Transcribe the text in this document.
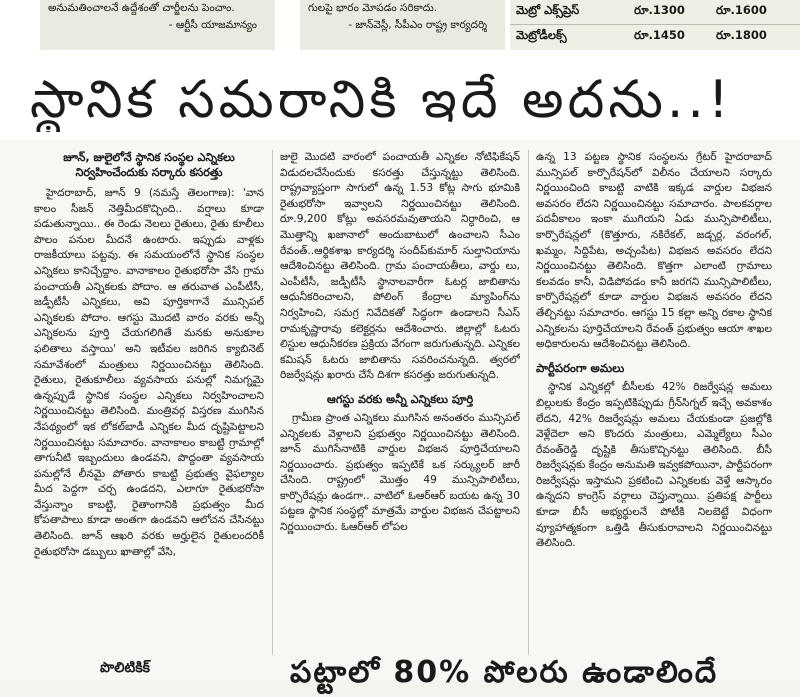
అనుమతించాలనే ఉద్దేశంతో చార్జీలను పెంచాం.

- ఆర్టీసీ యాజమాన్యం

గులపై భారం మోపడం సరికాదు.

- జాన్‌వెస్లీ, సీపీఎం రాష్ట్ర కార్యదర్శి

మెట్రో ఎక్స్‌ప్రెస్	రూ.1300	రూ.1600
మెట్రోడీలక్స్	రూ.1450	రూ.1800
స్థానిక సమరానికి ఇదే అదను..!

జూన్, జులైలోనే స్థానిక సంస్థల ఎన్నికలు నిర్వహించేందుకు సర్కారు కసరత్తు

హైదరాబాద్, జూన్ 9 (నమస్తే తెలంగాణ): 'వాన కాలం సీజన్ నెత్తిమీదకొచ్చింది.. వర్షాలు కూడా పడుతున్నాయి.. ఈ రెండు నెలలు రైతులు, రైతు కూలీలు పొలం పనుల మీదనే ఉంటారు. ఇప్పుడు వాళ్లకు రాజకీయాలు పట్టవు. ఈ సమయంలోనే స్థానిక సంస్థల ఎన్నికలు కానిచ్చేద్దాం. వానాకాలం రైతుభరోసా వేసి గ్రామ పంచాయతీ ఎన్నికలకు పోదాం. ఆ తరువాత ఎంపీటీసీ, జడ్పీటీసీ ఎన్నికలు, అవి పూర్తికాగానే మున్సిపల్ ఎన్నికలకు పోదాం. ఆగస్టు మొదటి వారం వరకు అన్నీ ఎన్నికలను పూర్తి చేయగలిగితే మనకు అనుకూల ఫలితాలు వస్తాయి' అని ఇటీవల జరిగిన క్యాబినెట్ సమావేశంలో మంత్రులు నిర్ణయించినట్టు తెలిసింది. రైతులు, రైతుకూలీలు వ్యవసాయ పనుల్లో నిమగ్నమై ఉన్నప్పుడే స్థానిక సంస్థల ఎన్నికలు నిర్వహించాలని నిర్ణయించినట్టు తెలిసింది. మంత్రివర్గ విస్తరణ ముగిసిన నేపథ్యంలో ఇక లోకల్‌బాడీ ఎన్నికల మీద దృష్టిపెట్టాలని నిర్ణయించినట్టు సమాచారం. వానాకాలం కాబట్టి గ్రామాల్లో తాగునీటి ఇబ్బందులు ఉండవని, పొద్దంతా వ్యవసాయ పనుల్లోనే లీనమై పోతారు కాబట్టి ప్రభుత్వ వైఫల్యాల మీద పెద్దగా చర్చ ఉండదని, ఎలాగూ రైతుభరోసా వేస్తున్నాం కాబట్టి, రైతాంగానికి ప్రభుత్వం మీద కోపతాపాలు కూడా అంతగా ఉండవని ఆలోచన చేసినట్టు తెలిసింది. జూన్ ఆఖరి వరకు అర్హులైన రైతులందరికీ రైతుభరోసా డబ్బులు ఖాతాల్లో వేసి,

జులై మొదటి వారంలో పంచాయతీ ఎన్నికల నోటిఫికేషన్ విడుదలచేసేందుకు కసరత్తు చేస్తున్నట్టు తెలిసింది. రాష్ట్రవ్యాప్తంగా సాగులో ఉన్న 1.53 కోట్ల సాగు భూమికి రైతుభరోసా ఇవ్వాలని నిర్ణయించినట్టు తెలిసింది. రూ.9,200 కోట్లు అవసరమవుతాయని నిర్ధారించి, ఆ మొత్తాన్ని ఖజానాలో అందుబాటులో ఉంచాలని సీఎం రేవంత్..ఆర్థికశాఖ కార్యదర్శి సందీప్‌కుమార్ సుల్తానియాను ఆదేశించినట్టు తెలిసింది. గ్రామ పంచాయతీలు, వార్డు లు, ఎంపీటీసీ, జడ్పీటీసీ స్థానాలవారీగా ఓటర్ల జాబితాను ఆధునీకరించాలని, పోలింగ్ కేంద్రాల మ్యాపింగ్‌ను నిర్వహించి, సమగ్ర నివేదికతో సిద్ధంగా ఉండాలని సీఎస్ రామకృష్ణారావు కలెక్టర్లను ఆదేశించారు. జిల్లాల్లో ఓటరు లిస్టుల ఆధునీకరణ ప్రక్రియ వేగంగా జరుగుతున్నది. ఎన్నికల కమిషన్ ఓటరు జాబితాను సవరించనున్నది. త్వరలో రిజర్వేషన్లు ఖరారు చేసే దిశగా కసరత్తు జరుగుతున్నది.

ఆగస్టు వరకు అన్నీ ఎన్నికలు పూర్తి

గ్రామీణ ప్రాంత ఎన్నికలు ముగిసిన అనంతరం మున్సిపల్ ఎన్నికలకు వెళ్లాలని ప్రభుత్వం నిర్ణయించినట్టు తెలిసింది. జూన్ ముగిసేనాటికి వార్డుల విభజన పూర్తిచేయాలని నిర్ణయించారు. ప్రభుత్వం ఇప్పటికే ఒక సర్క్యులర్ జారీ చేసింది. రాష్ట్రంలో మొత్తం 49 మున్సిపాలిటీలు, కార్పొరేషన్లు ఉండగా.. వాటిలో ఓఆర్‌ఆర్ బయట ఉన్న 30 పట్టణ స్థానిక సంస్థల్లో మాత్రమే వార్డుల విభజన చేపట్టాలని నిర్ణయించారు. ఓఆర్‌ఆర్ లోపల

ఉన్న 13 పట్టణ స్థానిక సంస్థలను గ్రేటర్ హైదరాబాద్ మున్సిపల్ కార్పొరేషన్‌లో విలీనం చేయాలని సర్కారు నిర్ణయించింది కాబట్టి వాటికి ఇక్కడ వార్డుల విభజన అవసరం లేదని నిర్ణయించినట్టు సమాచారం. పాలకవర్గాల పదవీకాలం ఇంకా ముగియని ఏడు మున్సిపాలిటీలు, కార్పొరేషన్లలో (కొత్తూరు, నకిరేకల్, జడ్చర్ల, వరంగల్, ఖమ్మం, సిద్దిపేట, అచ్చంపేట) విభజన అవసరం లేదని నిర్ణయించినట్టు తెలిసింది. కొత్తగా ఎలాంటి గ్రామాలు కలవడం కానీ, విడిపోవడం కానీ జరగని మున్సిపాలిటీలు, కార్పొరేషన్లలో కూడా వార్డుల విభజన అవసరం లేదని తేల్చినట్టు సమాచారం. ఆగస్టు 15 కల్లా అన్ని రకాల స్థానిక ఎన్నికలను పూర్తిచేయాలని రేవంత్ ప్రభుత్వం ఆయా శాఖల అధికారులను ఆదేశించినట్టు తెలిసింది.

పార్టీపరంగా అమలు

స్థానిక ఎన్నికల్లో బీసీలకు 42% రిజర్వేషన్ల అమలు బిల్లులకు కేంద్రం ఇప్పటికిప్పుడు గ్రీన్‌సిగ్నల్ ఇచ్చే అవకాశం లేదని, 42% రిజర్వేషన్లు అమలు చేయకుండా ప్రజల్లోకి వెళ్లేదెలా అని కొందరు మంత్రులు, ఎమ్మెల్యేలు సీఎం రేవంత్‌రెడ్డి దృష్టికి తీసుకొచ్చినట్టు తెలిసింది. బీసీ రిజర్వేషన్లకు కేంద్రం అనుమతి ఇవ్వకపోయినా, పార్టీపరంగా రిజర్వేషన్లు ఇస్తామని ప్రకటించి ఎన్నికలకు వెళ్తే ఆస్కారం ఉన్నదని కాంగ్రెస్ వర్గాలు చెప్తున్నాయి. ప్రతిపక్ష పార్టీలు కూడా బీసీ అభ్యర్థులనే పోటీకి నిలబెట్టే విధంగా వ్యూహాత్మకంగా ఒత్తిడి తీసుకురావాలని నిర్ణయించినట్టు తెలిసింది.

పొలిటికిక్	పట్టాలో 80% పోలరు ఉండాలిందే
